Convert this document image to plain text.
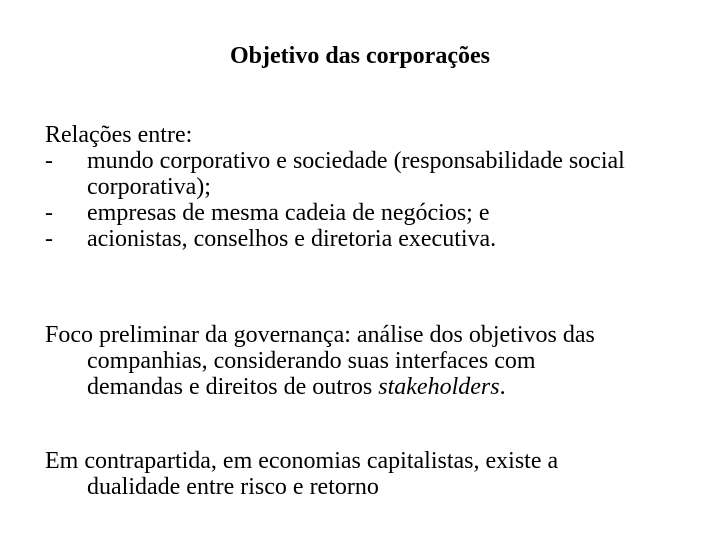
Objetivo das corporações
Relações entre:
- mundo corporativo e sociedade (responsabilidade social
corporativa);
- empresas de mesma cadeia de negócios; e
- acionistas, conselhos e diretoria executiva.
Foco preliminar da governança: análise dos objetivos das
companhias, considerando suas interfaces com
demandas e direitos de outros stakeholders.
Em contrapartida, em economias capitalistas, existe a
dualidade entre risco e retorno
